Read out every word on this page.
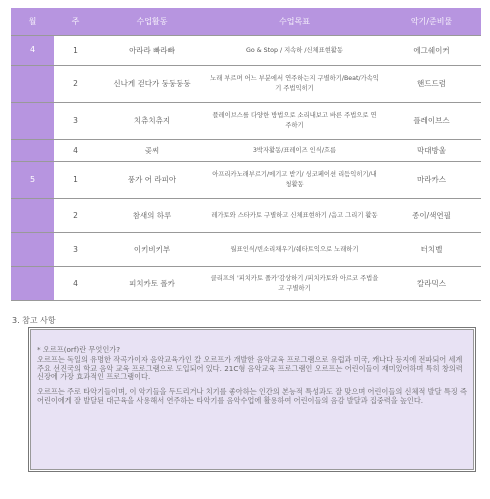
월	주	수업활동	수업목표	악기/준비물
4	1	아라라 빠라빠	Go & Stop / 지속하 /신체표현활동	에그쉐이커
	2	신나게 걷다가 둥둥둥둥	노래 부르며 어느 부분에서 연주하는지 구별하기/Beat/가속익기 주법익히기	핸드드럼
	3	치츄치츄지	플레이브스를 다양한 방법으로 소리내보고 바른 주법으로 연주하기	플레이브스
	4	곶씨	3박자활동/표레이즈 인식/흐름	막대방울
5	1	풍가 어 라피아	아프리카노래부르기/메기고 받기/ 싱코페이션 리듬익히기/내청활동	마라카스
	2	참새의 하루	레가토와 스타카토 구별하고 신체표현하기 /음고 그리기 활동	종이/색연필
	3	이키비키부	월표인식/빈소리채우기/쉐타트익으로 노래하기	터치벨
	4	피치카토 폴카	클리프의 '피치카토 폴카'감상하기 /피치카토와 아르코 주법을고 구별하기	칼라믹스
3. 참고 사항

* 오르프(orf)란 무엇인가?

오르프는 독일의 유명한 작곡가이자 음악교육가인 칼 오르프가 개발한 음악교육 프로그램으로 유럽과 미국, 캐나다 등지에 전파되어 세계 주요 선진국의 학교 음악 교육 프로그램으로 도입되어 있다. 21C형 음악교육 프로그램인 오르프는 어린이들이 재미있어하며 특히 창의력 신장에 가장 효과적인 프로그램이다.

오르프는 주로 타악기들이며, 이 악기들을 두드리거나 치기를 좋아하는 인간의 본능적 특성과도 잘 맞으며 어린이들의 신체적 발달 특징 즉 어린이에게 잘 발달된 대근육을 사용해서 연주하는 타악기를 음악수업에 활용하여 어린이들의 음감 발달과 집중력을 높인다.
